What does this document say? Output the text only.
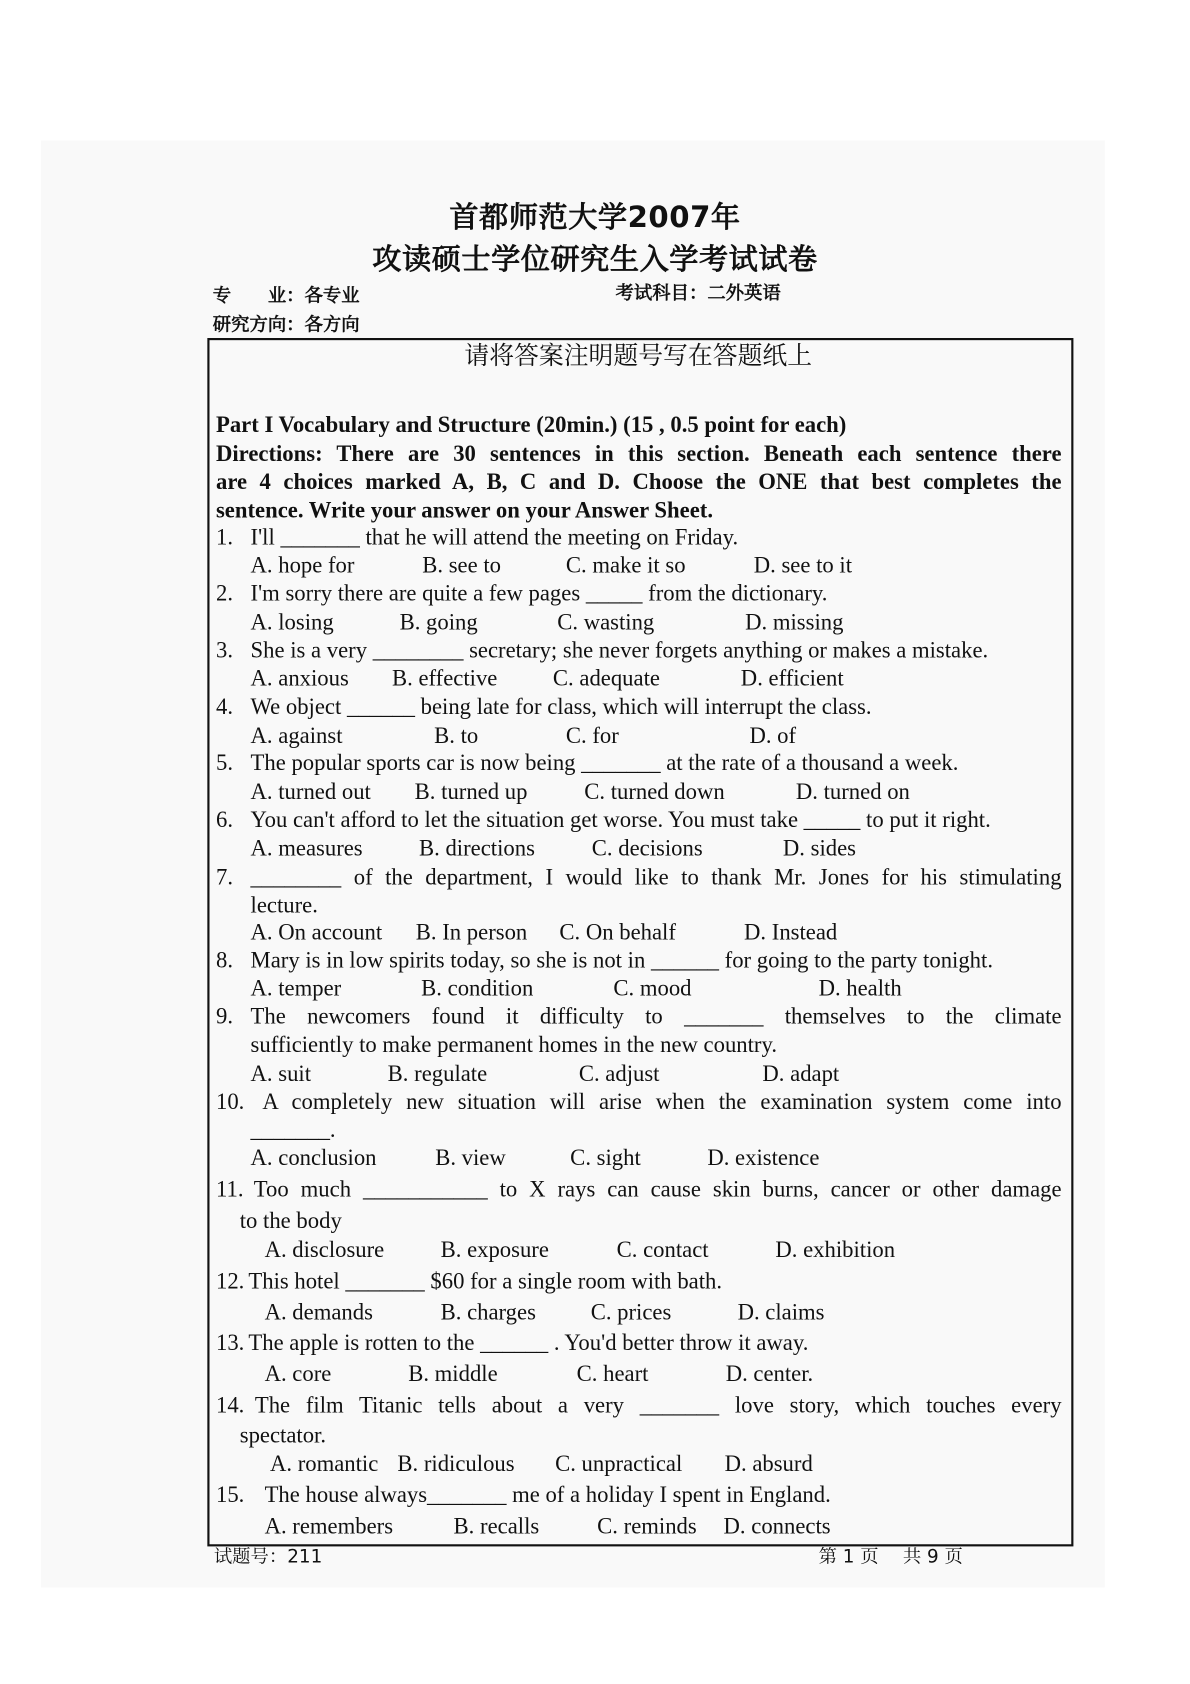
首都师范大学2007年
攻读硕士学位研究生入学考试试卷
专　　业：各专业	考试科目：二外英语
研究方向：各方向
请将答案注明题号写在答题纸上
Part I Vocabulary and Structure (20min.) (15 , 0.5 point for each)
Directions: There are 30 sentences in this section. Beneath each sentence there
are 4 choices marked A, B, C and D. Choose the ONE that best completes the
sentence. Write your answer on your Answer Sheet.
1. I'll _______ that he will attend the meeting on Friday.
A. hope for	B. see to	C. make it so	D. see to it
2. I'm sorry there are quite a few pages _____ from the dictionary.
A. losing	B. going	C. wasting	D. missing
3. She is a very ________ secretary; she never forgets anything or makes a mistake.
A. anxious B. effective	C. adequate	D. efficient
4. We object ______ being late for class, which will interrupt the class.
A. against	B. to	C. for	D. of
5. The popular sports car is now being _______ at the rate of a thousand a week.
A. turned out B. turned up	C. turned down	D. turned on
6. You can't afford to let the situation get worse. You must take _____ to put it right.
A. measures	B. directions	C. decisions	D. sides
7. ________ of the department, I would like to thank Mr. Jones for his stimulating
lecture.
A. On account B. In person C. On behalf	D. Instead
8. Mary is in low spirits today, so she is not in ______ for going to the party tonight.
A. temper	B. condition	C. mood	D. health
9. The newcomers found it difficulty to _______ themselves to the climate
sufficiently to make permanent homes in the new country.
A. suit	B. regulate	C. adjust	D. adapt
10. A completely new situation will arise when the examination system come into
_______.
A. conclusion	B. view	C. sight	D. existence
11. Too much ___________ to X rays can cause skin burns, cancer or other damage
to the body
A. disclosure	B. exposure	C. contact	D. exhibition
12. This hotel _______ $60 for a single room with bath.
A. demands	B. charges	C. prices	D. claims
13. The apple is rotten to the ______ . You'd better throw it away.
A. core	B. middle	C. heart	D. center.
14. The film Titanic tells about a very _______ love story, which touches every
spectator.
A. romantic B. ridiculous C. unpractical D. absurd
15. The house always_______ me of a holiday I spent in England.
A. remembers	B. recalls	C. reminds D. connects
试题号：211	第 1 页　 共 9 页
